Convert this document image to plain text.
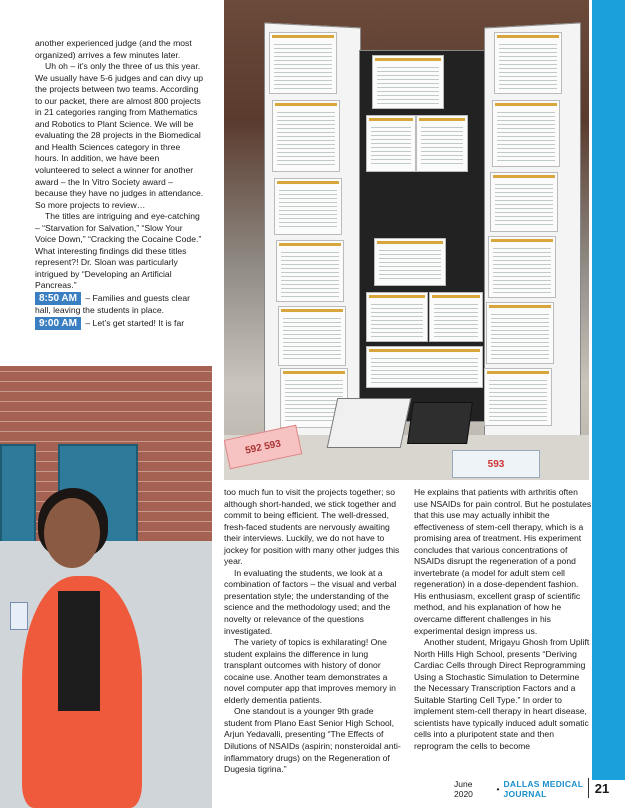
another experienced judge (and the most organized) arrives a few minutes later.

Uh oh – it’s only the three of us this year. We usually have 5-6 judges and can divy up the projects between two teams. According to our packet, there are almost 800 projects in 21 categories ranging from Mathematics and Robotics to Plant Science. We will be evaluating the 28 projects in the Biomedical and Health Sciences category in three hours. In addition, we have been volunteered to select a winner for another award – the In Vitro Society award – because they have no judges in attendance. So more projects to review…

The titles are intriguing and eye-catching – “Starvation for Salvation,” “Slow Your Voice Down,” “Cracking the Cocaine Code.” What interesting findings did these titles represent?! Dr. Sloan was particularly intrigued by “Developing an Artificial Pancreas.”

8:50 AM – Families and guests clear hall, leaving the students in place.

9:00 AM – Let’s get started! It is far

592 593
593

too much fun to visit the projects together; so although short-handed, we stick together and commit to being efficient. The well-dressed, fresh-faced students are nervously awaiting their interviews. Luckily, we do not have to jockey for position with many other judges this year.

In evaluating the students, we look at a combination of factors – the visual and verbal presentation style; the understanding of the science and the methodology used; and the novelty or relevance of the questions investigated.

The variety of topics is exhilarating! One student explains the difference in lung transplant outcomes with history of donor cocaine use. Another team demonstrates a novel computer app that improves memory in elderly dementia patients.

One standout is a younger 9th grade student from Plano East Senior High School, Arjun Yedavalli, presenting “The Effects of Dilutions of NSAIDs (aspirin; nonsteroidal anti-inflammatory drugs) on the Regeneration of Dugesia tigrina.”

He explains that patients with arthritis often use NSAIDs for pain control. But he postulates that this use may actually inhibit the effectiveness of stem-cell therapy, which is a promising area of treatment. His experiment concludes that various concentrations of NSAIDs disrupt the regeneration of a pond invertebrate (a model for adult stem cell regeneration) in a dose-dependent fashion. His enthusiasm, excellent grasp of scientific method, and his explanation of how he overcame different challenges in his experimental design impress us.

Another student, Mrigayu Ghosh from Uplift North Hills High School, presents “Deriving Cardiac Cells through Direct Reprogramming Using a Stochastic Simulation to Determine the Necessary Transcription Factors and a Suitable Starting Cell Type.” In order to implement stem-cell therapy in heart disease, scientists have typically induced adult somatic cells into a pluripotent state and then reprogram the cells to become

June 2020	• DALLAS MEDICAL JOURNAL	21
